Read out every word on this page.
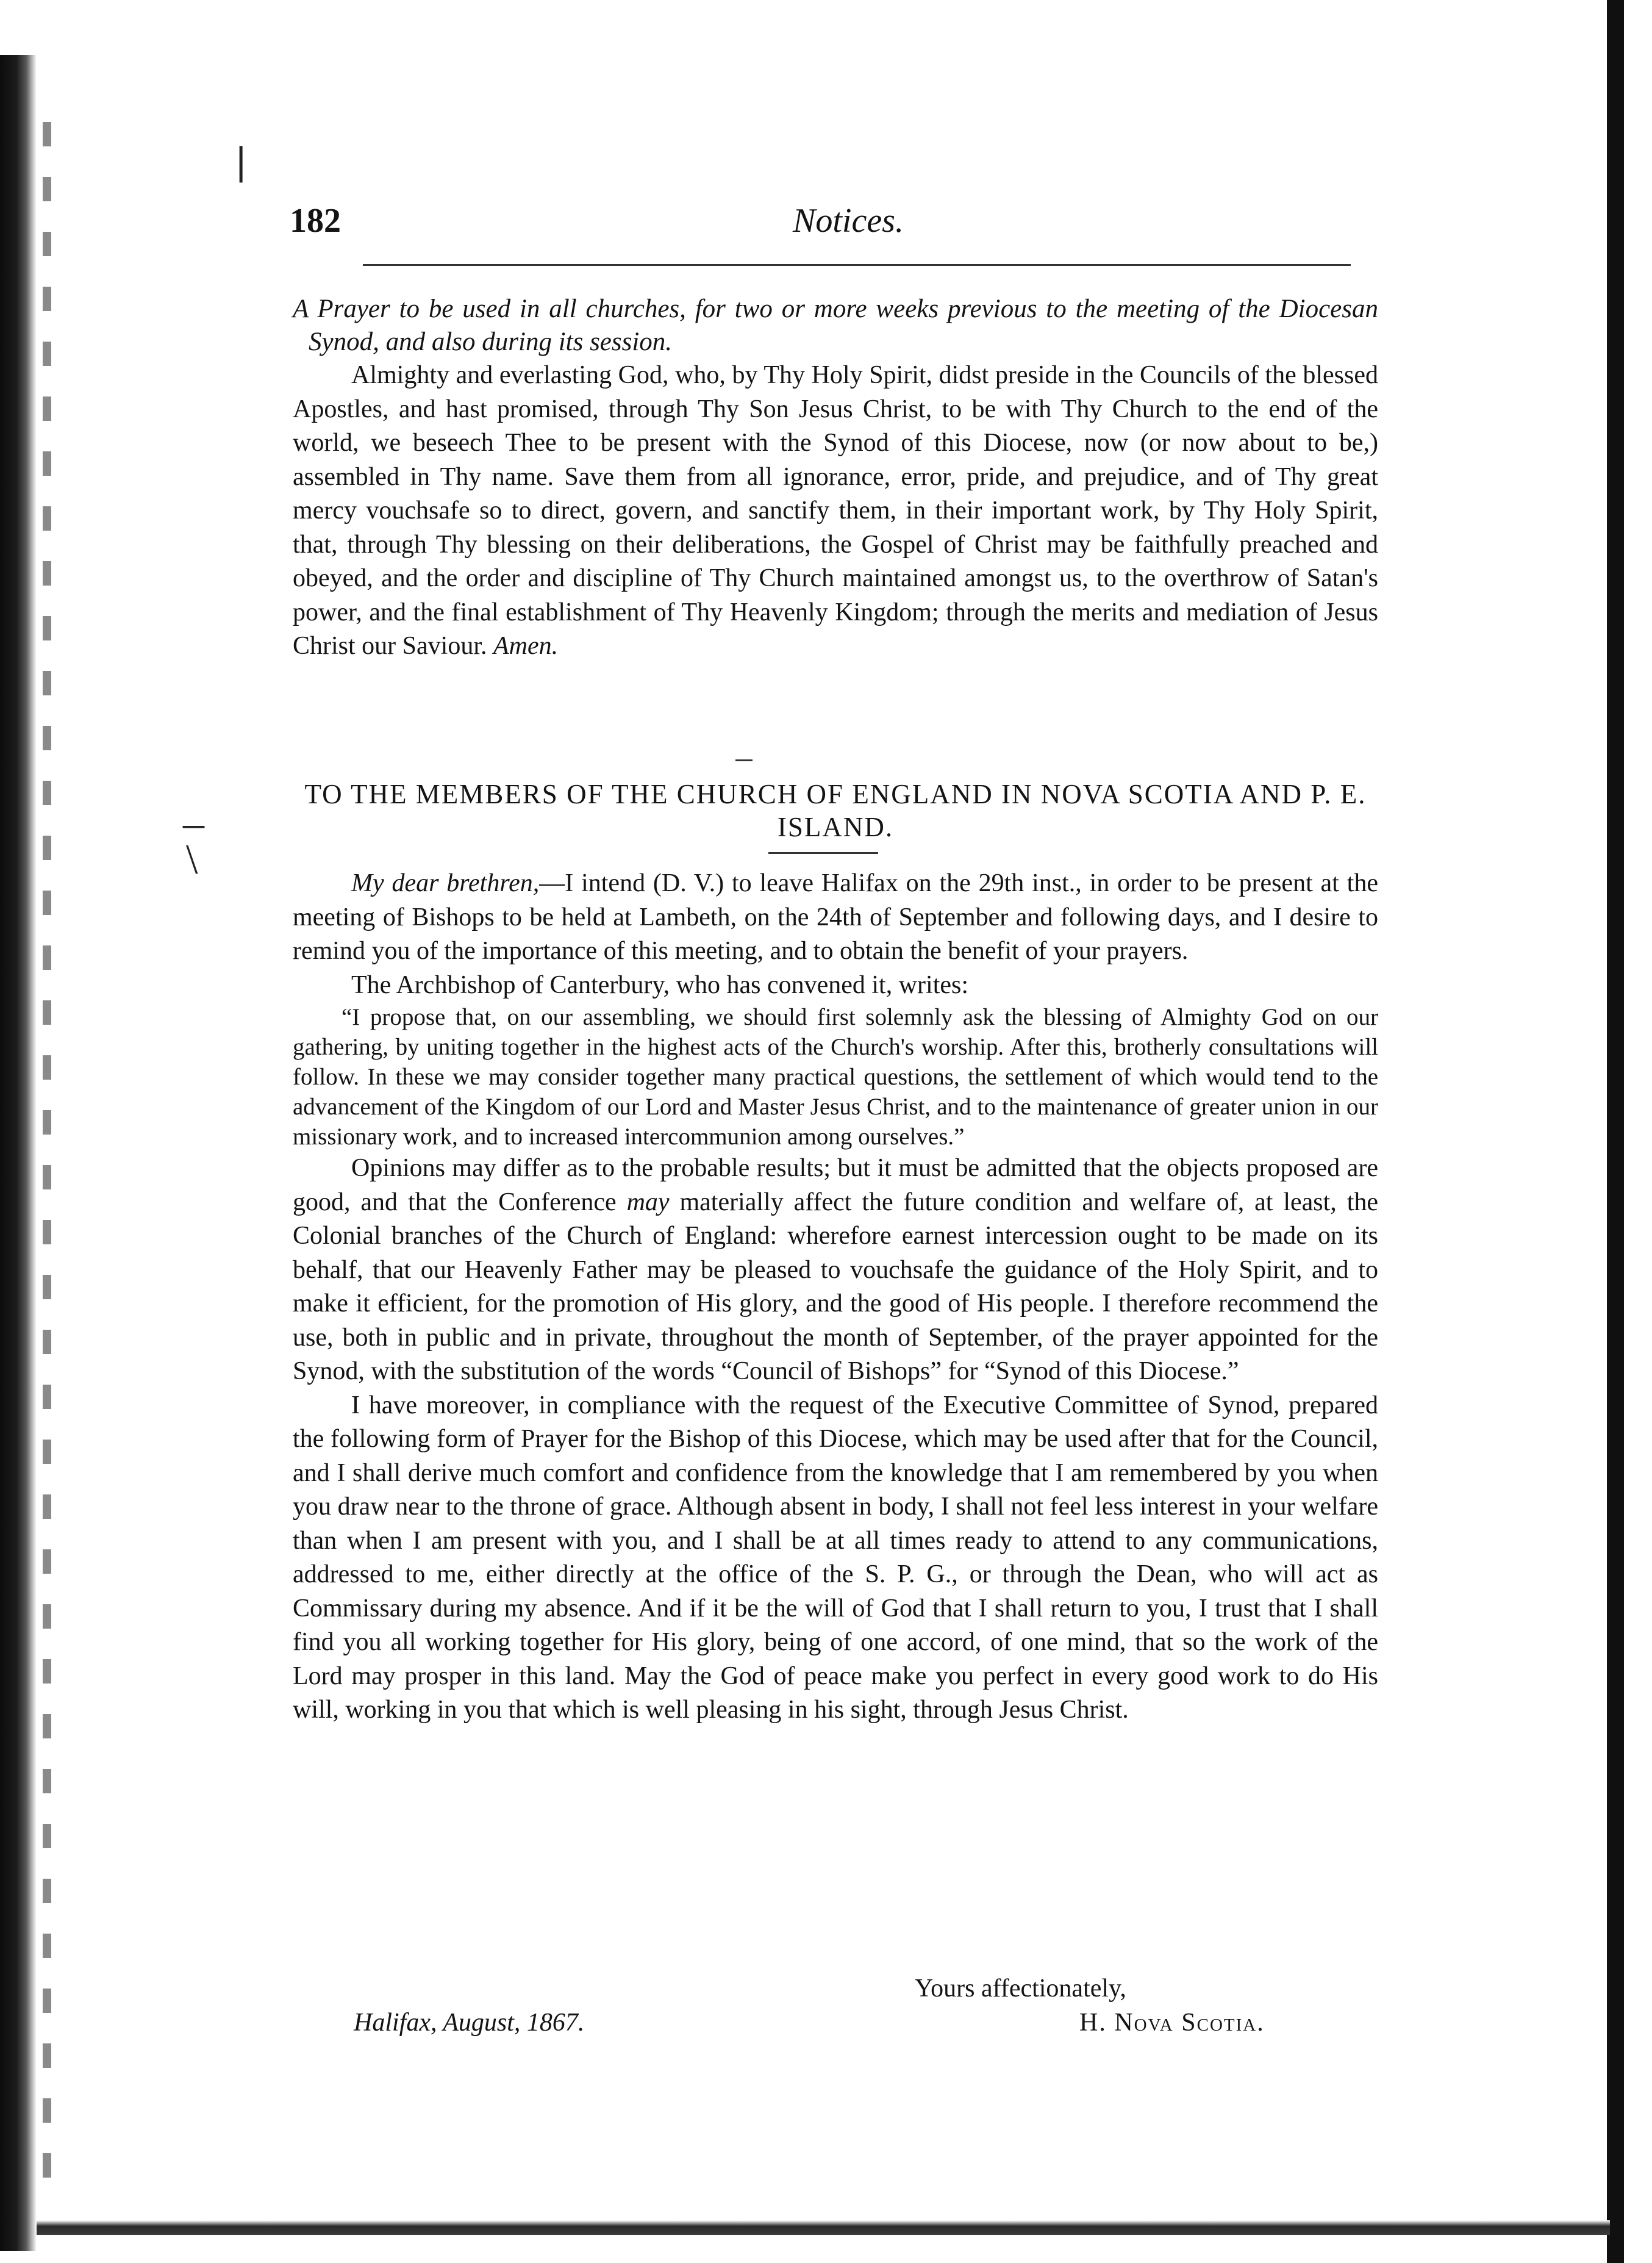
❘
–
\
182	Notices.

A Prayer to be used in all churches, for two or more weeks previous to the meeting of the Diocesan Synod, and also during its session.

Almighty and everlasting God, who, by Thy Holy Spirit, didst preside in the Councils of the blessed Apostles, and hast promised, through Thy Son Jesus Christ, to be with Thy Church to the end of the world, we beseech Thee to be present with the Synod of this Diocese, now (or now about to be,) assembled in Thy name. Save them from all ignorance, error, pride, and prejudice, and of Thy great mercy vouchsafe so to direct, govern, and sanctify them, in their important work, by Thy Holy Spirit, that, through Thy blessing on their deliberations, the Gospel of Christ may be faithfully preached and obeyed, and the order and discipline of Thy Church maintained amongst us, to the overthrow of Satan's power, and the final establishment of Thy Heavenly Kingdom; through the merits and mediation of Jesus Christ our Saviour. Amen.

TO THE MEMBERS OF THE CHURCH OF ENGLAND IN NOVA SCOTIA AND P. E. ISLAND.

My dear brethren,—I intend (D. V.) to leave Halifax on the 29th inst., in order to be present at the meeting of Bishops to be held at Lambeth, on the 24th of September and following days, and I desire to remind you of the importance of this meeting, and to obtain the benefit of your prayers.

The Archbishop of Canterbury, who has convened it, writes:

“I propose that, on our assembling, we should first solemnly ask the blessing of Almighty God on our gathering, by uniting together in the highest acts of the Church's worship. After this, brotherly consultations will follow. In these we may consider together many practical questions, the settlement of which would tend to the advancement of the Kingdom of our Lord and Master Jesus Christ, and to the maintenance of greater union in our missionary work, and to increased intercommunion among ourselves.”

Opinions may differ as to the probable results; but it must be admitted that the objects proposed are good, and that the Conference may materially affect the future condition and welfare of, at least, the Colonial branches of the Church of England: wherefore earnest intercession ought to be made on its behalf, that our Heavenly Father may be pleased to vouchsafe the guidance of the Holy Spirit, and to make it efficient, for the promotion of His glory, and the good of His people. I therefore recommend the use, both in public and in private, throughout the month of September, of the prayer appointed for the Synod, with the substitution of the words “Council of Bishops” for “Synod of this Diocese.”

I have moreover, in compliance with the request of the Executive Committee of Synod, prepared the following form of Prayer for the Bishop of this Diocese, which may be used after that for the Council, and I shall derive much comfort and confidence from the knowledge that I am remembered by you when you draw near to the throne of grace. Although absent in body, I shall not feel less interest in your welfare than when I am present with you, and I shall be at all times ready to attend to any communications, addressed to me, either directly at the office of the S. P. G., or through the Dean, who will act as Commissary during my absence. And if it be the will of God that I shall return to you, I trust that I shall find you all working together for His glory, being of one accord, of one mind, that so the work of the Lord may prosper in this land. May the God of peace make you perfect in every good work to do His will, working in you that which is well pleasing in his sight, through Jesus Christ.

Yours affectionately,
Halifax, August, 1867.	H. Nova Scotia.
